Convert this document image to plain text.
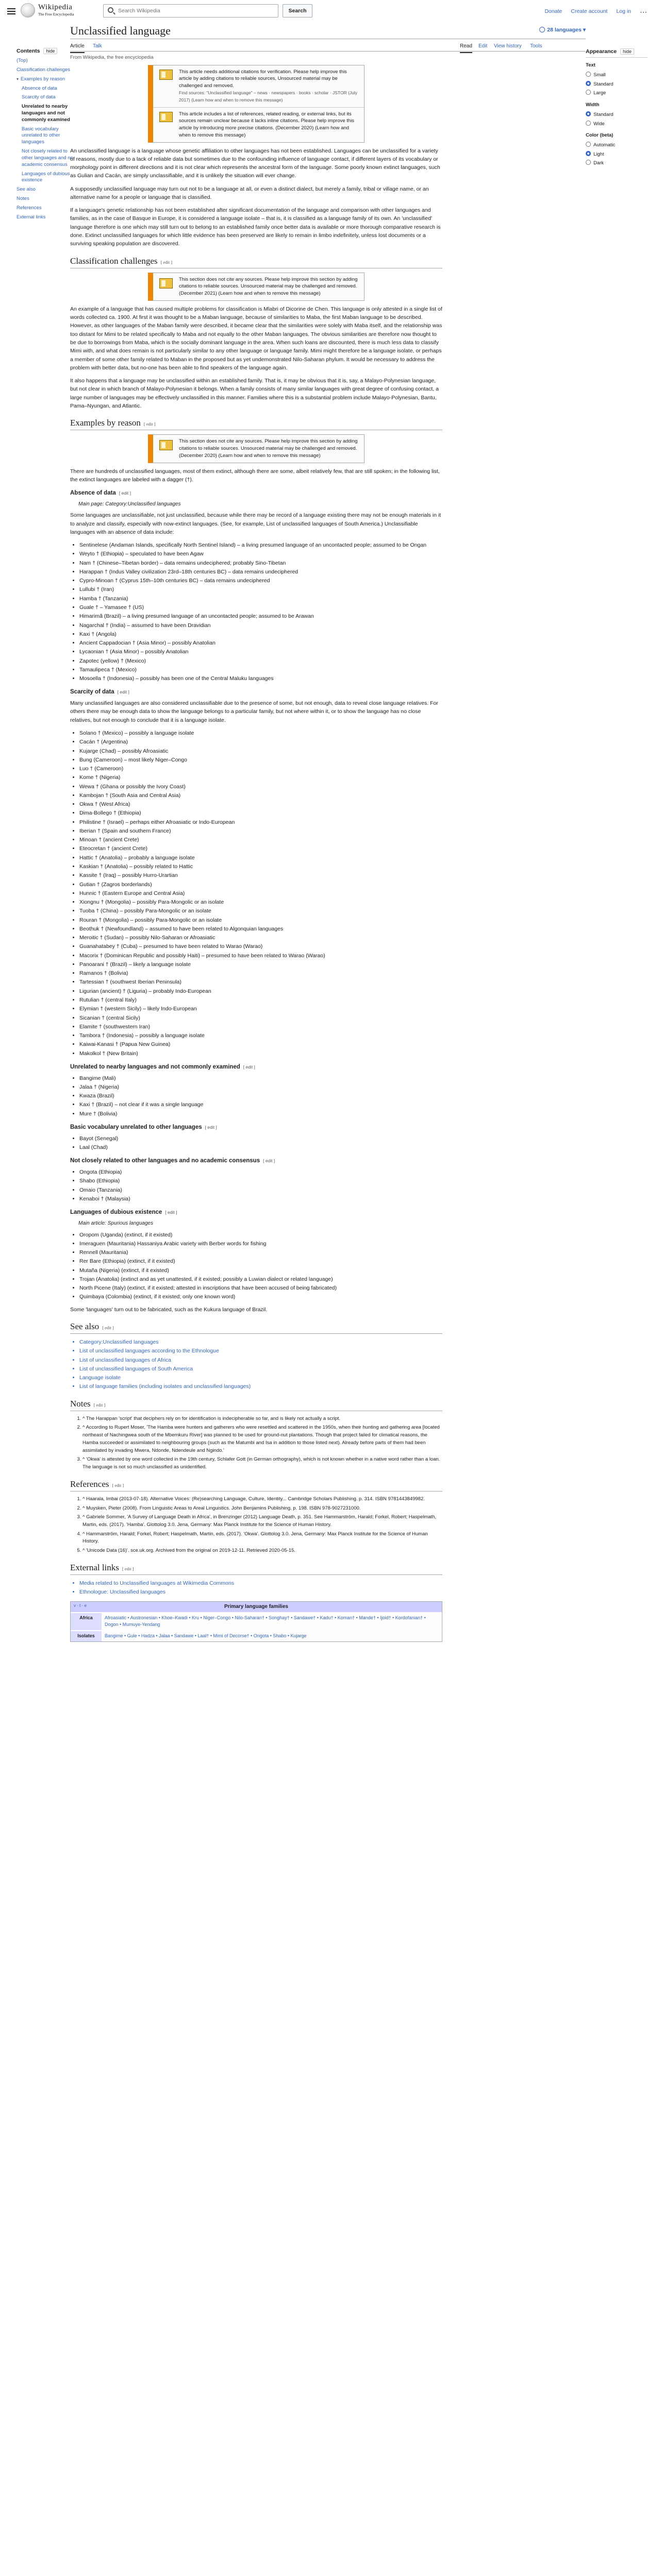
Wikipedia
The Free Encyclopedia
Search Wikipedia
Search	Donate Create account Log in ⋯
Contents hide
(Top)
Classification challenges
▾ Examples by reason
Absence of data
Scarcity of data
Unrelated to nearby languages and not commonly examined
Basic vocabulary unrelated to other languages
Not closely related to other languages and no academic consensus
Languages of dubious existence
See also
Notes
References
External links
Unclassified language	28 languages ▾
Article Talk	Read Edit View history Tools
From Wikipedia, the free encyclopedia
This article needs additional citations for verification. Please help improve this article by adding citations to reliable sources. Unsourced material may be challenged and removed.
Find sources: "Unclassified language" – news · newspapers · books · scholar · JSTOR (July 2017) (Learn how and when to remove this message)
This article includes a list of references, related reading, or external links, but its sources remain unclear because it lacks inline citations. Please help improve this article by introducing more precise citations. (December 2020) (Learn how and when to remove this message)

An unclassified language is a language whose genetic affiliation to other languages has not been established. Languages can be unclassified for a variety of reasons, mostly due to a lack of reliable data but sometimes due to the confounding influence of language contact, if different layers of its vocabulary or morphology point in different directions and it is not clear which represents the ancestral form of the language. Some poorly known extinct languages, such as Gulian and Cacán, are simply unclassifiable, and it is unlikely the situation will ever change.

A supposedly unclassified language may turn out not to be a language at all, or even a distinct dialect, but merely a family, tribal or village name, or an alternative name for a people or language that is classified.

If a language's genetic relationship has not been established after significant documentation of the language and comparison with other languages and families, as in the case of Basque in Europe, it is considered a language isolate – that is, it is classified as a language family of its own. An 'unclassified' language therefore is one which may still turn out to belong to an established family once better data is available or more thorough comparative research is done. Extinct unclassified languages for which little evidence has been preserved are likely to remain in limbo indefinitely, unless lost documents or a surviving speaking population are discovered.

Classification challenges [ edit ]
This section does not cite any sources. Please help improve this section by adding citations to reliable sources. Unsourced material may be challenged and removed. (December 2021) (Learn how and when to remove this message)

An example of a language that has caused multiple problems for classification is Mlabri of Dicorine de Chen. This language is only attested in a single list of words collected ca. 1900. At first it was thought to be a Maban language, because of similarities to Maba, the first Maban language to be described. However, as other languages of the Maban family were described, it became clear that the similarities were solely with Maba itself, and the relationship was too distant for Mimi to be related specifically to Maba and not equally to the other Maban languages. The obvious similarities are therefore now thought to be due to borrowings from Maba, which is the socially dominant language in the area. When such loans are discounted, there is much less data to classify Mimi with, and what does remain is not particularly similar to any other language or language family. Mimi might therefore be a language isolate, or perhaps a member of some other family related to Maban in the proposed but as yet undemonstrated Nilo-Saharan phylum. It would be necessary to address the problem with better data, but no-one has been able to find speakers of the language again.

It also happens that a language may be unclassified within an established family. That is, it may be obvious that it is, say, a Malayo-Polynesian language, but not clear in which branch of Malayo-Polynesian it belongs. When a family consists of many similar languages with great degree of confusing contact, a large number of languages may be effectively unclassified in this manner. Families where this is a substantial problem include Malayo-Polynesian, Bantu, Pama–Nyungan, and Atlantic.

Examples by reason [ edit ]
This section does not cite any sources. Please help improve this section by adding citations to reliable sources. Unsourced material may be challenged and removed. (December 2020) (Learn how and when to remove this message)

There are hundreds of unclassified languages, most of them extinct, although there are some, albeit relatively few, that are still spoken; in the following list, the extinct languages are labeled with a dagger (†).

Absence of data [ edit ]
Main page: Category:Unclassified languages

Some languages are unclassifiable, not just unclassified, because while there may be record of a language existing there may not be enough materials in it to analyze and classify, especially with now-extinct languages. (See, for example, List of unclassified languages of South America.) Unclassifiable languages with an absence of data include:

• Sentinelese (Andaman Islands, specifically North Sentinel Island) – a living presumed language of an uncontacted people; assumed to be Ongan
• Weyto † (Ethiopia) – speculated to have been Agaw
• Nam † (Chinese–Tibetan border) – data remains undeciphered; probably Sino-Tibetan
• Harappan † (Indus Valley civilization 23rd–18th centuries BC) – data remains undeciphered
• Cypro-Minoan † (Cyprus 15th–10th centuries BC) – data remains undeciphered
• Lullubi † (Iran)
• Hamba † (Tanzania)
• Guale † – Yamasee † (US)
• Himarimã (Brazil) – a living presumed language of an uncontacted people; assumed to be Arawan
• Nagarchal † (India) – assumed to have been Dravidian
• Kaxi † (Angola)
• Ancient Cappadocian † (Asia Minor) – possibly Anatolian
• Lycaonian † (Asia Minor) – possibly Anatolian
• Zapotec (yellow) † (Mexico)
• Tamaulipeca † (Mexico)
• Mosoella † (Indonesia) – possibly has been one of the Central Maluku languages
Scarcity of data [ edit ]

Many unclassified languages are also considered unclassifiable due to the presence of some, but not enough, data to reveal close language relatives. For others there may be enough data to show the language belongs to a particular family, but not where within it, or to show the language has no close relatives, but not enough to conclude that it is a language isolate.

• Solano † (Mexico) – possibly a language isolate
• Cacán † (Argentina)
• Kujarge (Chad) – possibly Afroasiatic
• Bung (Cameroon) – most likely Niger–Congo
• Luo † (Cameroon)
• Kome † (Nigeria)
• Wewa † (Ghana or possibly the Ivory Coast)
• Kambojan † (South Asia and Central Asia)
• Okwa † (West Africa)
• Dima-Bollego † (Ethiopia)
• Philistine † (Israel) – perhaps either Afroasiatic or Indo-European
• Iberian † (Spain and southern France)
• Minoan † (ancient Crete)
• Eteocretan † (ancient Crete)
• Hattic † (Anatolia) – probably a language isolate
• Kaskian † (Anatolia) – possibly related to Hattic
• Kassite † (Iraq) – possibly Hurro-Urartian
• Gutian † (Zagros borderlands)
• Hunnic † (Eastern Europe and Central Asia)
• Xiongnu † (Mongolia) – possibly Para-Mongolic or an isolate
• Tuoba † (China) – possibly Para-Mongolic or an isolate
• Rouran † (Mongolia) – possibly Para-Mongolic or an isolate
• Beothuk † (Newfoundland) – assumed to have been related to Algonquian languages
• Meroitic † (Sudan) – possibly Nilo-Saharan or Afroasiatic
• Guanahatabey † (Cuba) – presumed to have been related to Warao (Warao)
• Macorix † (Dominican Republic and possibly Haiti) – presumed to have been related to Warao (Warao)
• Panoarani † (Brazil) – likely a language isolate
• Ramanos † (Bolivia)
• Tartessian † (southwest Iberian Peninsula)
• Ligurian (ancient) † (Liguria) – probably Indo-European
• Rutulian † (central Italy)
• Elymian † (western Sicily) – likely Indo-European
• Sicanian † (central Sicily)
• Elamite † (southwestern Iran)
• Tambora † (Indonesia) – possibly a language isolate
• Kaiwai-Kanasi † (Papua New Guinea)
• Makolkol † (New Britain)
Unrelated to nearby languages and not commonly examined [ edit ]
• Bangime (Mali)
• Jalaa † (Nigeria)
• Kwaza (Brazil)
• Kaxi † (Brazil) – not clear if it was a single language
• Mure † (Bolivia)
Basic vocabulary unrelated to other languages [ edit ]
• Bayot (Senegal)
• Laal (Chad)
Not closely related to other languages and no academic consensus [ edit ]
• Ongota (Ethiopia)
• Shabo (Ethiopia)
• Omaio (Tanzania)
• Kenaboi † (Malaysia)
Languages of dubious existence [ edit ]
Main article: Spurious languages
• Oropom (Uganda) (extinct, if it existed)
• Imeraguen (Mauritania) Hassaniya Arabic variety with Berber words for fishing
• Rennell (Mauritania)
• Rer Bare (Ethiopia) (extinct, if it existed)
• Mutaña (Nigeria) (extinct, if it existed)
• Trojan (Anatolia) (extinct and as yet unattested, if it existed; possibly a Luwian dialect or related language)
• North Picene (Italy) (extinct, if it existed; attested in inscriptions that have been accused of being fabricated)
• Quimbaya (Colombia) (extinct, if it existed; only one known word)

Some 'languages' turn out to be fabricated, such as the Kukura language of Brazil.

See also [ edit ]
• Category:Unclassified languages
• List of unclassified languages according to the Ethnologue
• List of unclassified languages of Africa
• List of unclassified languages of South America
• Language isolate
• List of language families (including isolates and unclassified languages)
Notes [ edit ]
1. ^ The Harappan 'script' that deciphers rely on for identification is indecipherable so far, and is likely not actually a script.
2. ^ According to Rupert Moser, 'The Hamba were hunters and gatherers who were resettled and scattered in the 1950s, when their hunting and gathering area [located northeast of Nachingwea south of the Mbemkuru River] was planned to be used for ground-nut plantations. Though that project failed for climatical reasons, the Hamba succeeded or assimilated to neighbouring groups (such as the Matumbi and Isa in addition to those listed next). Already before parts of them had been assimilated by invading Mwera, Ndonde, Ndendeule and Ngindo.'
3. ^ 'Okwa' is attested by one word collected in the 19th century, Schlafer Gott (in German orthography), which is not known whether in a native word rather than a loan. The language is not so much unclassified as unidentified.
References [ edit ]
1. ^ Haarala, Imbai (2013-07-18). Alternative Voices: (Re)searching Language, Culture, Identity... Cambridge Scholars Publishing. p. 314. ISBN 9781443849982.
2. ^ Muysken, Pieter (2008). From Linguistic Areas to Areal Linguistics. John Benjamins Publishing. p. 198. ISBN 978-9027231000.
3. ^ Gabriele Sommer, 'A Survey of Language Death in Africa', in Brenzinger (2012) Language Death, p. 351. See Hammarström, Harald; Forkel, Robert; Haspelmath, Martin, eds. (2017). 'Hamba'. Glottolog 3.0. Jena, Germany: Max Planck Institute for the Science of Human History.
4. ^ Hammarström, Harald; Forkel, Robert; Haspelmath, Martin, eds. (2017). 'Okwa'. Glottolog 3.0. Jena, Germany: Max Planck Institute for the Science of Human History.
5. ^ 'Unicode Data (16)'. sce.uk.org. Archived from the original on 2019-12-11. Retrieved 2020-05-15.
External links [ edit ]
• Media related to Unclassified languages at Wikimedia Commons
• Ethnologue: Unclassified languages
v · t · e	Primary language families
Africa	Afroasiatic • Austronesian • Khoe–Kwadi • Kru • Niger–Congo • Nilo-Saharan† • Songhay† • Sandawe† • Kadu† • Koman† • Mande† • Ijoid† • Kordofanian† • Dogon • Mumuye-Yendang
Isolates	Bangime • Gule • Hadza • Jalaa • Sandawe • Laal† • Mimi of Decorse† • Ongota • Shabo • Kujarge
Appearance hide
Text
Small
Standard
Large
Width
Standard
Wide
Color (beta)
Automatic
Light
Dark
